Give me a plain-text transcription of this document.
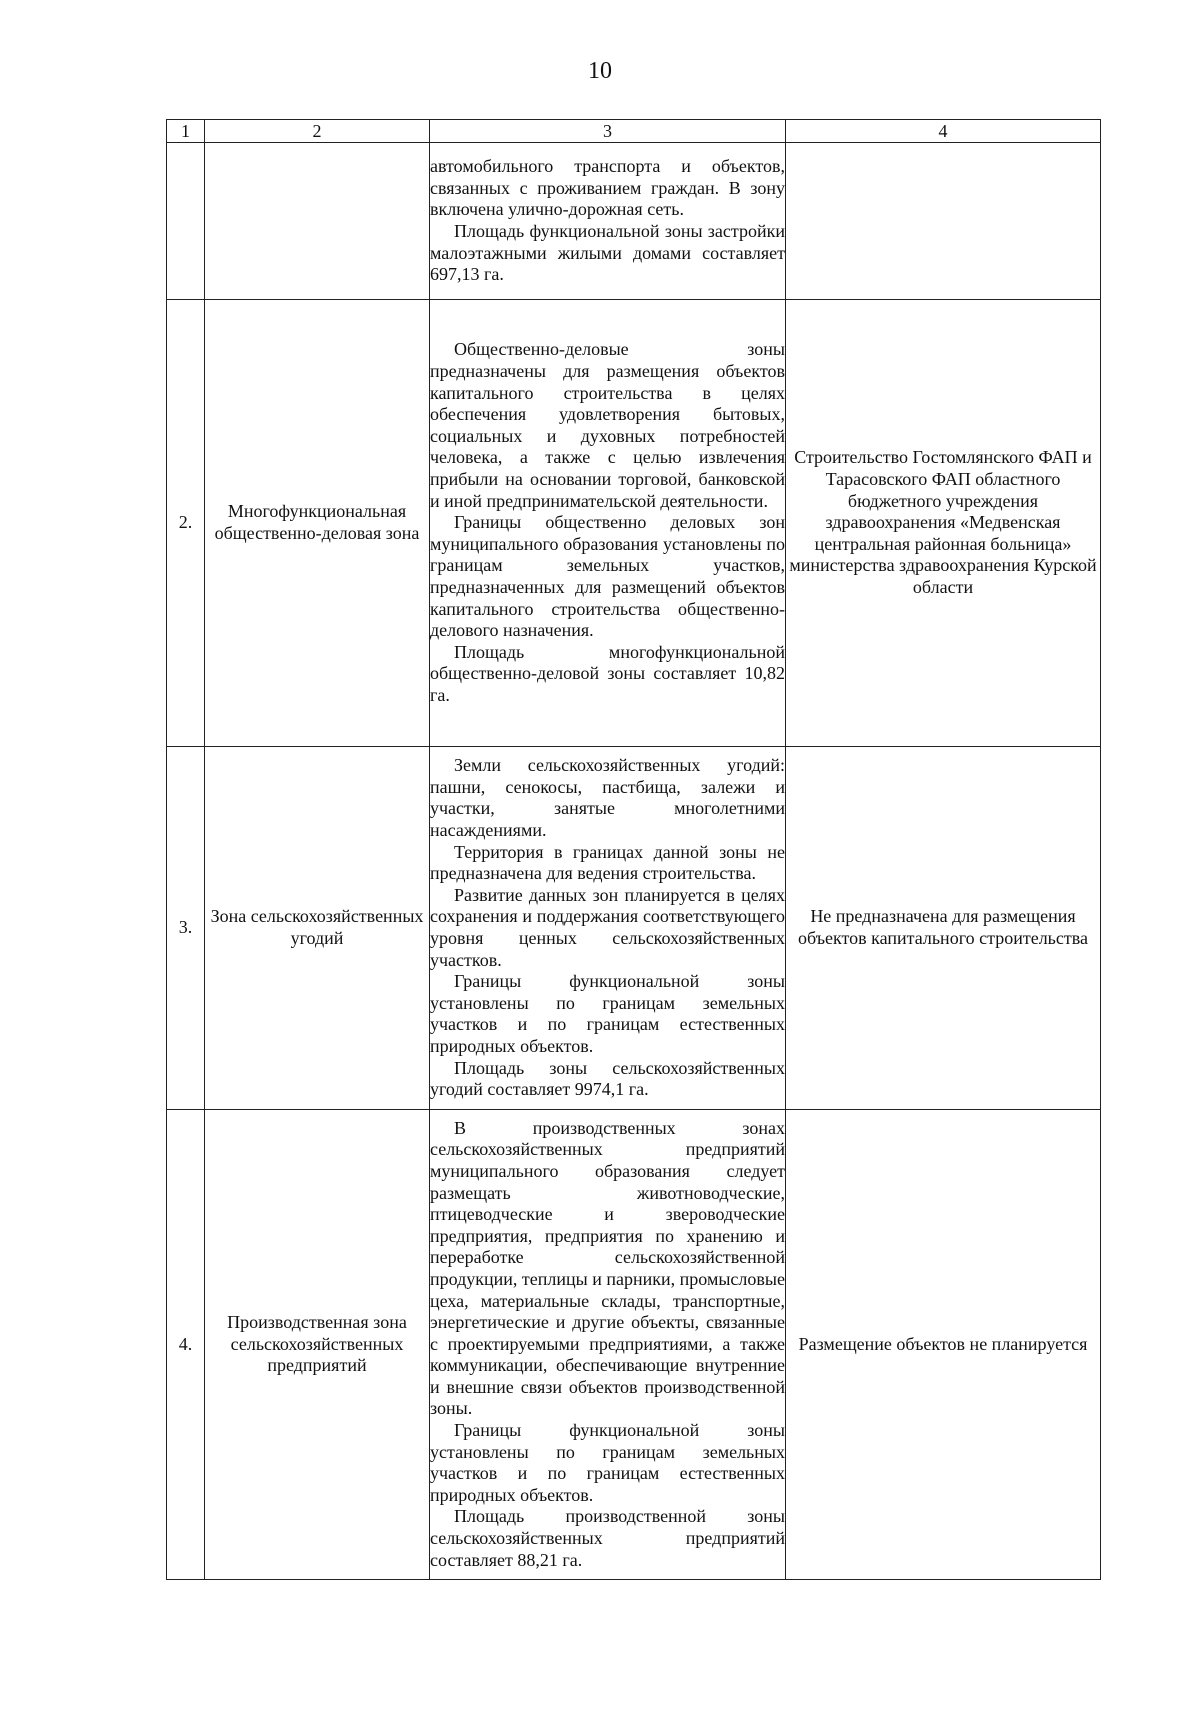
10
1	2	3	4

		автомобильного транспорта и объектов, связанных с проживанием граждан. В зону включена улично-дорожная сеть.

Площадь функциональной зоны застройки малоэтажными жилыми домами составляет 697,13 га.	

2.	Многофункциональная общественно-деловая зона	Общественно-деловые зоны предназначены для размещения объектов капитального строительства в целях обеспечения удовлетворения бытовых, социальных и духовных потребностей человека, а также с целью извлечения прибыли на основании торговой, банковской и иной предпринимательской деятельности.

Границы общественно деловых зон муниципального образования установлены по границам земельных участков, предназначенных для размещений объектов капитального строительства общественно-делового назначения.

Площадь многофункциональной общественно-деловой зоны составляет 10,82 га.	Строительство Гостомлянского ФАП и Тарасовского ФАП областного бюджетного учреждения здравоохранения «Медвенская центральная районная больница» министерства здравоохранения Курской области
3.	Зона сельскохозяйственных угодий	Земли сельскохозяйственных угодий: пашни, сенокосы, пастбища, залежи и участки, занятые многолетними насаждениями.

Территория в границах данной зоны не предназначена для ведения строительства.

Развитие данных зон планируется в целях сохранения и поддержания соответствующего уровня ценных сельскохозяйственных участков.

Границы функциональной зоны установлены по границам земельных участков и по границам естественных природных объектов.

Площадь зоны сельскохозяйственных угодий составляет 9974,1 га.	Не предназначена для размещения объектов капитального строительства
4.	Производственная зона сельскохозяйственных предприятий	В производственных зонах сельскохозяйственных предприятий муниципального образования следует размещать животноводческие, птицеводческие и звероводческие предприятия, предприятия по хранению и переработке сельскохозяйственной продукции, теплицы и парники, промысловые цеха, материальные склады, транспортные, энергетические и другие объекты, связанные с проектируемыми предприятиями, а также коммуникации, обеспечивающие внутренние и внешние связи объектов производственной зоны.

Границы функциональной зоны установлены по границам земельных участков и по границам естественных природных объектов.

Площадь производственной зоны сельскохозяйственных предприятий составляет 88,21 га.	Размещение объектов не планируется
